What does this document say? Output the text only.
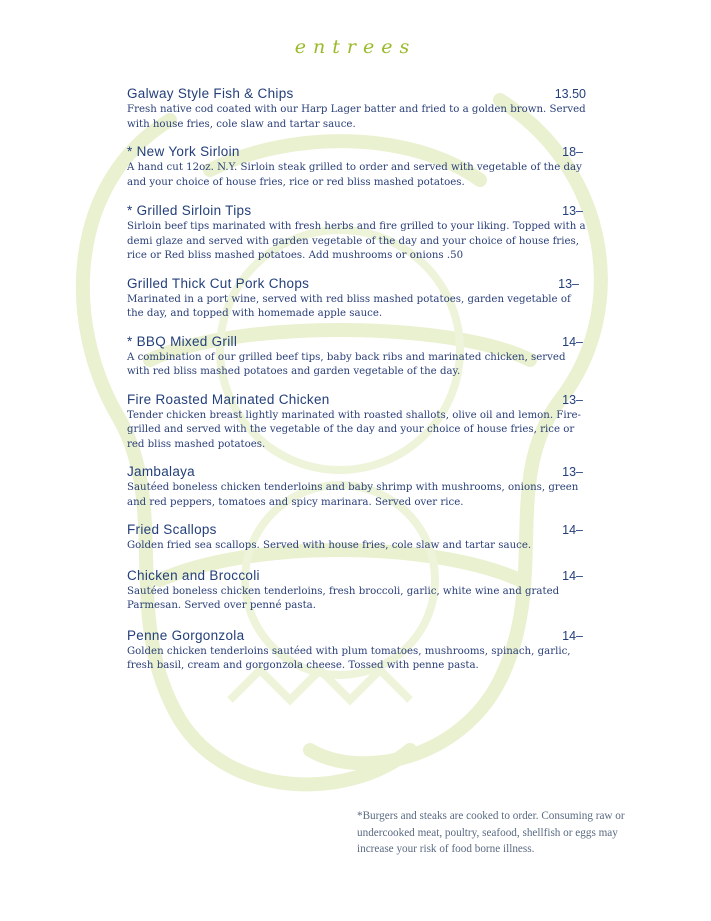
entrees
Galway Style Fish & Chips	13.50
Fresh native cod coated with our Harp Lager batter and fried to a golden brown. Served with house fries, cole slaw and tartar sauce.
* New York Sirloin	18–
A hand cut 12oz. N.Y. Sirloin steak grilled to order and served with vegetable of the day and your choice of house fries, rice or red bliss mashed potatoes.
* Grilled Sirloin Tips	13–
Sirloin beef tips marinated with fresh herbs and fire grilled to your liking. Topped with a demi glaze and served with garden vegetable of the day and your choice of house fries, rice or Red bliss mashed potatoes. Add mushrooms or onions .50
Grilled Thick Cut Pork Chops	13–
Marinated in a port wine, served with red bliss mashed potatoes, garden vegetable of the day, and topped with homemade apple sauce.
* BBQ Mixed Grill	14–
A combination of our grilled beef tips, baby back ribs and marinated chicken, served with red bliss mashed potatoes and garden vegetable of the day.
Fire Roasted Marinated Chicken	13–
Tender chicken breast lightly marinated with roasted shallots, olive oil and lemon. Fire-grilled and served with the vegetable of the day and your choice of house fries, rice or red bliss mashed potatoes.
Jambalaya	13–
Sautéed boneless chicken tenderloins and baby shrimp with mushrooms, onions, green and red peppers, tomatoes and spicy marinara. Served over rice.
Fried Scallops	14–
Golden fried sea scallops. Served with house fries, cole slaw and tartar sauce.
Chicken and Broccoli	14–
Sautéed boneless chicken tenderloins, fresh broccoli, garlic, white wine and grated Parmesan. Served over penné pasta.
Penne Gorgonzola	14–
Golden chicken tenderloins sautéed with plum tomatoes, mushrooms, spinach, garlic, fresh basil, cream and gorgonzola cheese. Tossed with penne pasta.
*Burgers and steaks are cooked to order. Consuming raw or undercooked meat, poultry, seafood, shellfish or eggs may increase your risk of food borne illness.
